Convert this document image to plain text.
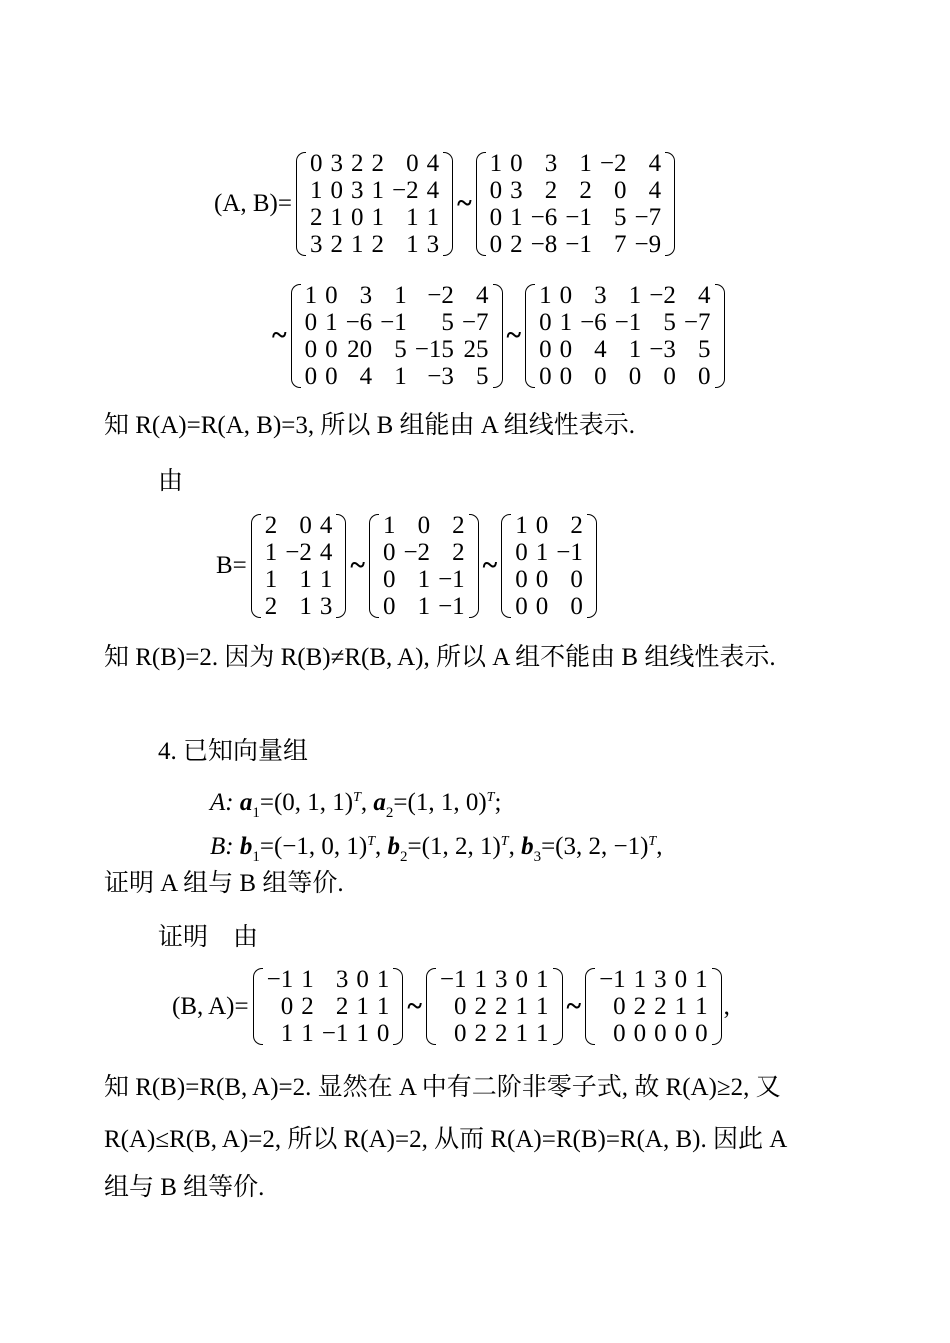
(A, B)=
0	3	2	2	0	4
1	0	3	1	−2	4
2	1	0	1	1	1
3	2	1	2	1	3
~
1	0	3	1	−2	4
0	3	2	2	0	4
0	1	−6	−1	5	−7
0	2	−8	−1	7	−9
~
1	0	3	1	−2	4
0	1	−6	−1	5	−7
0	0	20	5	−15	25
0	0	4	1	−3	5
~
1	0	3	1	−2	4
0	1	−6	−1	5	−7
0	0	4	1	−3	5
0	0	0	0	0	0
知 R(A)=R(A, B)=3, 所以 B 组能由 A 组线性表示.
由
B=
2	0	4
1	−2	4
1	1	1
2	1	3
~
1	0	2
0	−2	2
0	1	−1
0	1	−1
~
1	0	2
0	1	−1
0	0	0
0	0	0
知 R(B)=2. 因为 R(B)≠R(B, A), 所以 A 组不能由 B 组线性表示.
4. 已知向量组
A: $a_1=(0$, 1, 1)$^T$, $a_2=(1$, 1, 0)$^T$;
B: $b_1=(-1$, 0, 1)$^T$, $b_2=(1$, 2, 1)$^T$, $b_3=(3$, 2, −1)$^T$,
证明 A 组与 B 组等价.
证明　由
(B, A)=
−1	1	3	0	1
0	2	2	1	1
1	1	−1	1	0
~
−1	1	3	0	1
0	2	2	1	1
0	2	2	1	1
~
−1	1	3	0	1
0	2	2	1	1
0	0	0	0	0
,
知 R(B)=R(B, A)=2. 显然在 A 中有二阶非零子式, 故 R(A)≥2, 又
R(A)≤R(B, A)=2, 所以 R(A)=2, 从而 R(A)=R(B)=R(A, B). 因此 A
组与 B 组等价.
